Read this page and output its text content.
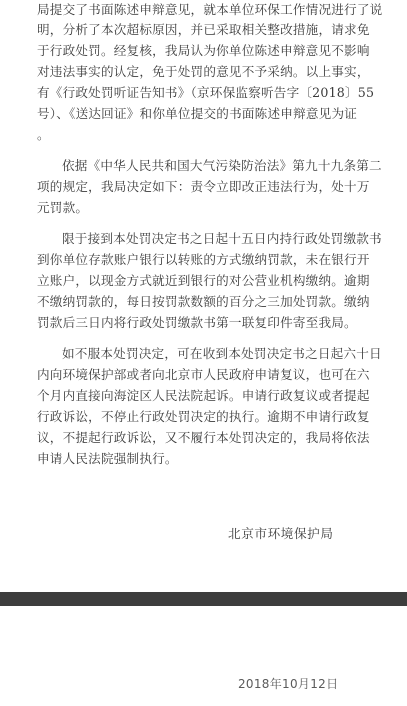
局提交了书面陈述申辩意见，就本单位环保工作情况进行了说
明，分析了本次超标原因，并已采取相关整改措施，请求免
于行政处罚。经复核，我局认为你单位陈述申辩意见不影响
对违法事实的认定，免于处罚的意见不予采纳。以上事实，
有《行政处罚听证告知书》（京环保监察听告字〔2018〕55
号）、《送达回证》和你单位提交的书面陈述申辩意见为证
。
依据《中华人民共和国大气污染防治法》第九十九条第二
项的规定，我局决定如下：责令立即改正违法行为，处十万
元罚款。
限于接到本处罚决定书之日起十五日内持行政处罚缴款书
到你单位存款账户银行以转账的方式缴纳罚款，未在银行开
立账户，以现金方式就近到银行的对公营业机构缴纳。逾期
不缴纳罚款的，每日按罚款数额的百分之三加处罚款。缴纳
罚款后三日内将行政处罚缴款书第一联复印件寄至我局。
如不服本处罚决定，可在收到本处罚决定书之日起六十日
内向环境保护部或者向北京市人民政府申请复议，也可在六
个月内直接向海淀区人民法院起诉。申请行政复议或者提起
行政诉讼，不停止行政处罚决定的执行。逾期不申请行政复
议，不提起行政诉讼，又不履行本处罚决定的，我局将依法
申请人民法院强制执行。
北京市环境保护局
2018年10月12日
